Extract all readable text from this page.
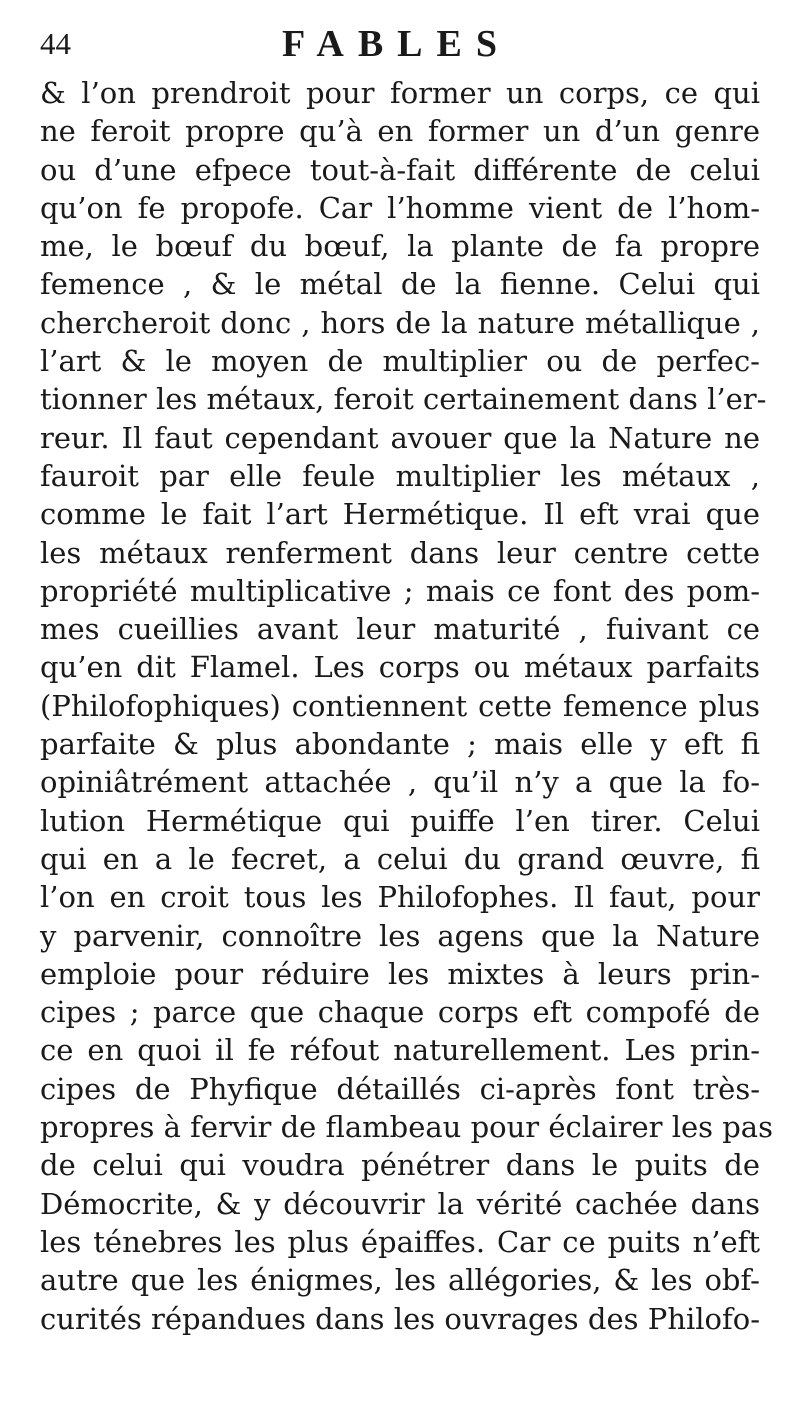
44	FABLES
& l’on prendroit pour former un corps, ce qui
ne feroit propre qu’à en former un d’un genre
ou d’une efpece tout-à-fait différente de celui
qu’on fe propofe. Car l’homme vient de l’hom-
me, le bœuf du bœuf, la plante de fa propre
femence , & le métal de la fienne. Celui qui
chercheroit donc , hors de la nature métallique ,
l’art & le moyen de multiplier ou de perfec-
tionner les métaux, feroit certainement dans l’er-
reur. Il faut cependant avouer que la Nature ne
fauroit par elle feule multiplier les métaux ,
comme le fait l’art Hermétique. Il eft vrai que
les métaux renferment dans leur centre cette
propriété multiplicative ; mais ce font des pom-
mes cueillies avant leur maturité , fuivant ce
qu’en dit Flamel. Les corps ou métaux parfaits
(Philofophiques) contiennent cette femence plus
parfaite & plus abondante ; mais elle y eft fi
opiniâtrément attachée , qu’il n’y a que la fo-
lution Hermétique qui puiffe l’en tirer. Celui
qui en a le fecret, a celui du grand œuvre, fi
l’on en croit tous les Philofophes. Il faut, pour
y parvenir, connoître les agens que la Nature
emploie pour réduire les mixtes à leurs prin-
cipes ; parce que chaque corps eft compofé de
ce en quoi il fe réfout naturellement. Les prin-
cipes de Phyfique détaillés ci-après font très-
propres à fervir de flambeau pour éclairer les pas
de celui qui voudra pénétrer dans le puits de
Démocrite, & y découvrir la vérité cachée dans
les ténebres les plus épaiffes. Car ce puits n’eft
autre que les énigmes, les allégories, & les obf-
curités répandues dans les ouvrages des Philofo-
